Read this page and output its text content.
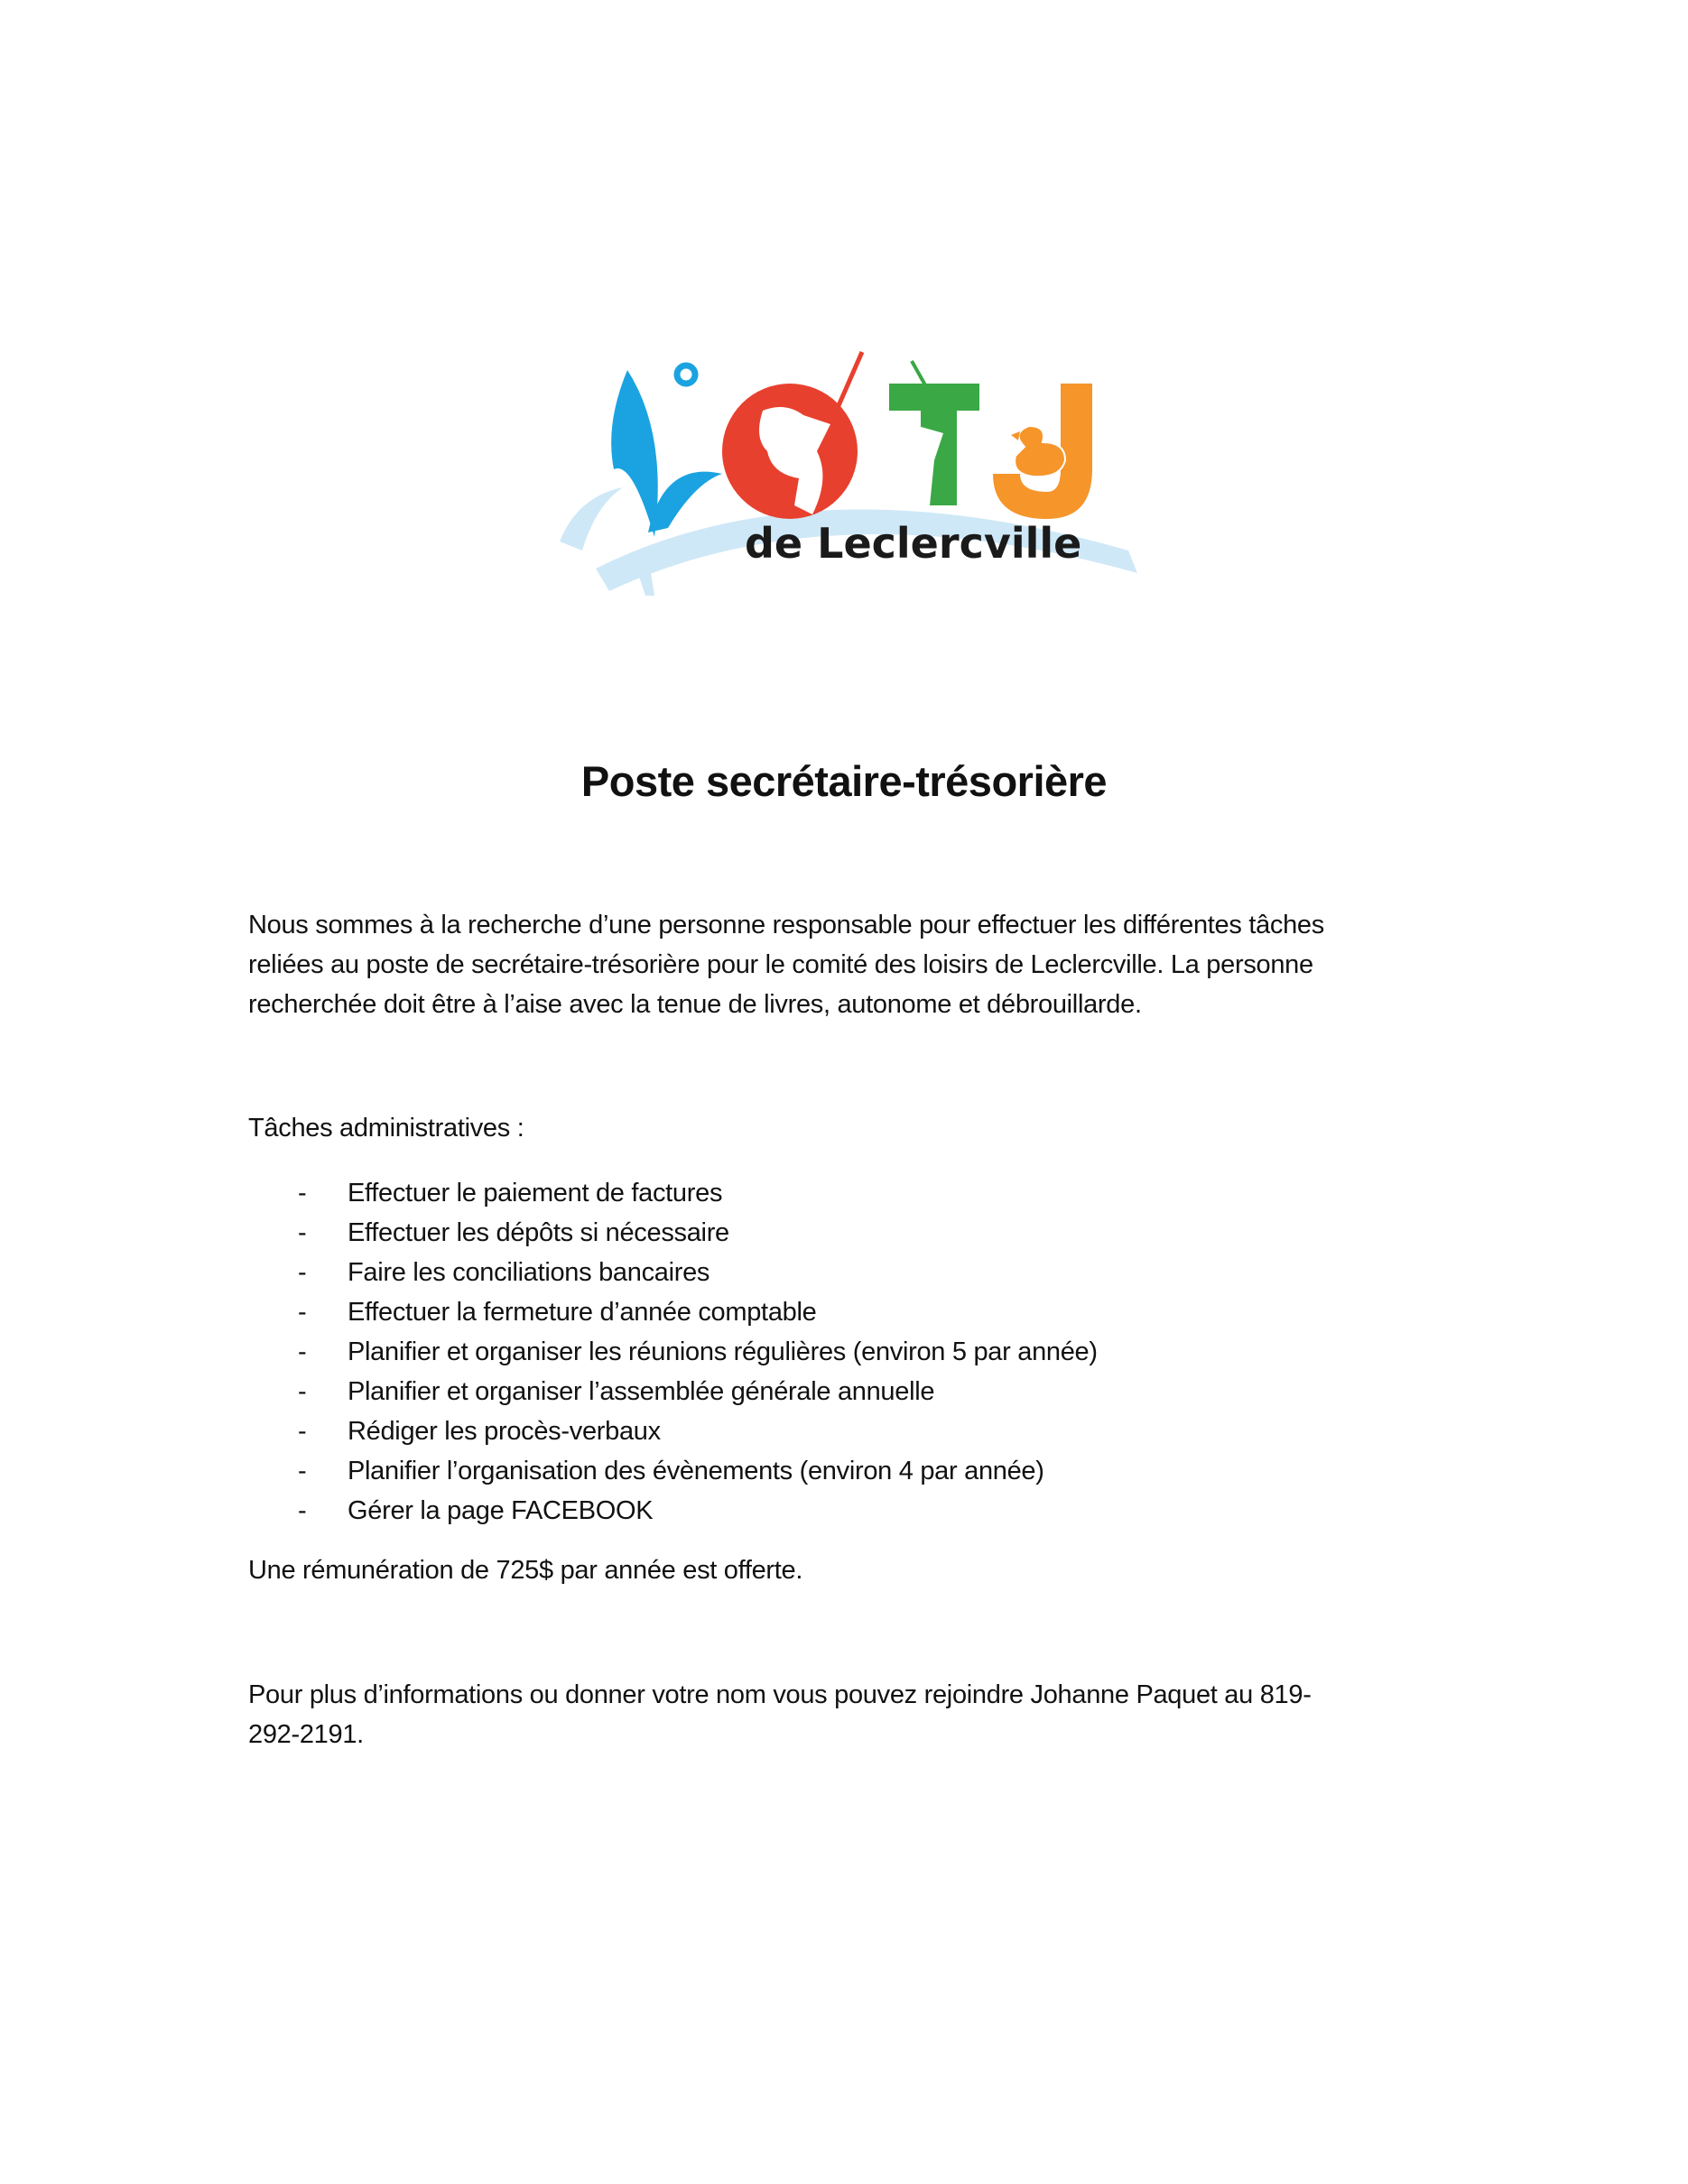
de Leclercville
Poste secrétaire-trésorière

Nous sommes à la recherche d’une personne responsable pour effectuer les différentes tâches
reliées au poste de secrétaire-trésorière pour le comité des loisirs de Leclercville. La personne
recherchée doit être à l’aise avec la tenue de livres, autonome et débrouillarde.

Tâches administratives :

- Effectuer le paiement de factures
- Effectuer les dépôts si nécessaire
- Faire les conciliations bancaires
- Effectuer la fermeture d’année comptable
- Planifier et organiser les réunions régulières (environ 5 par année)
- Planifier et organiser l’assemblée générale annuelle
- Rédiger les procès-verbaux
- Planifier l’organisation des évènements (environ 4 par année)
- Gérer la page FACEBOOK

Une rémunération de 725$ par année est offerte.

Pour plus d’informations ou donner votre nom vous pouvez rejoindre Johanne Paquet au 819-
292-2191.
